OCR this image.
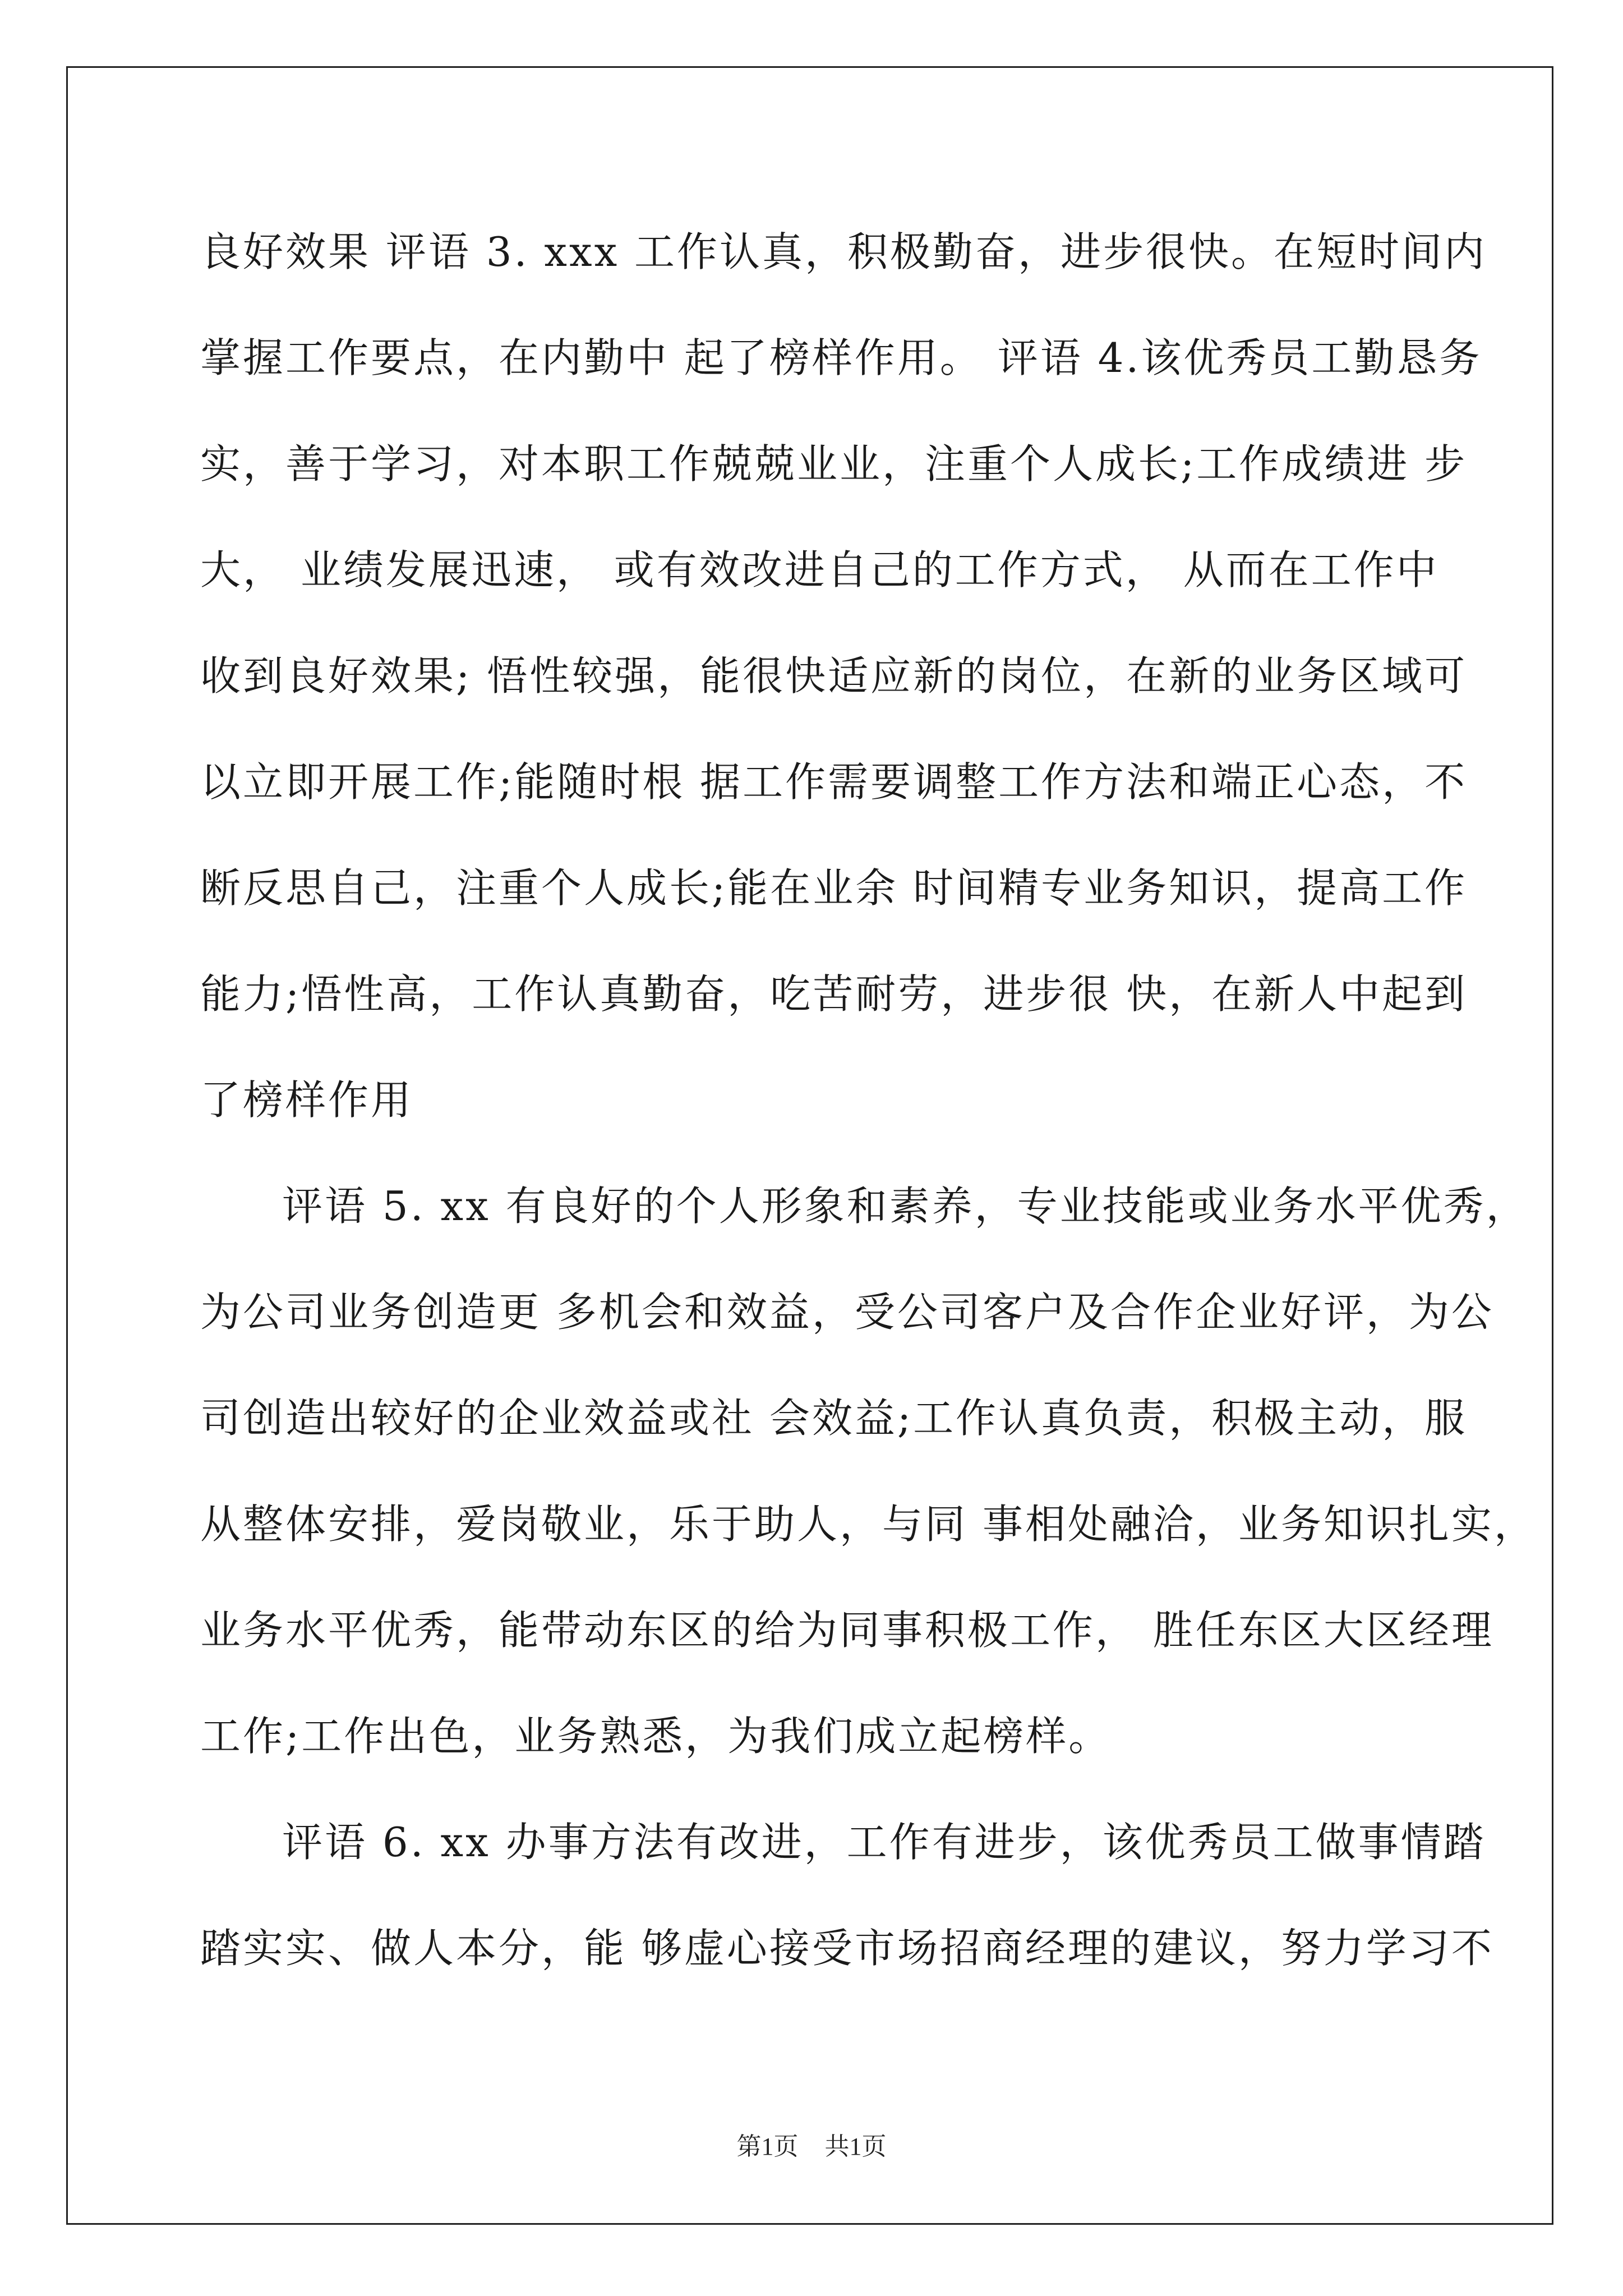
良好效果 评语 3. xxx 工作认真，积极勤奋，进步很快。在短时间内
掌握工作要点，在内勤中 起了榜样作用。 评语 4.该优秀员工勤恳务
实，善于学习，对本职工作兢兢业业，注重个人成长;工作成绩进 步
大， 业绩发展迅速， 或有效改进自己的工作方式， 从而在工作中
收到良好效果; 悟性较强，能很快适应新的岗位，在新的业务区域可
以立即开展工作;能随时根 据工作需要调整工作方法和端正心态，不
断反思自己，注重个人成长;能在业余 时间精专业务知识，提高工作
能力;悟性高，工作认真勤奋，吃苦耐劳，进步很 快，在新人中起到
了榜样作用
评语 5. xx 有良好的个人形象和素养，专业技能或业务水平优秀，
为公司业务创造更 多机会和效益，受公司客户及合作企业好评，为公
司创造出较好的企业效益或社 会效益;工作认真负责，积极主动，服
从整体安排，爱岗敬业，乐于助人，与同 事相处融洽，业务知识扎实，
业务水平优秀，能带动东区的给为同事积极工作， 胜任东区大区经理
工作;工作出色，业务熟悉，为我们成立起榜样。
评语 6. xx 办事方法有改进，工作有进步，该优秀员工做事情踏
踏实实、做人本分，能 够虚心接受市场招商经理的建议，努力学习不
第1页 共1页
